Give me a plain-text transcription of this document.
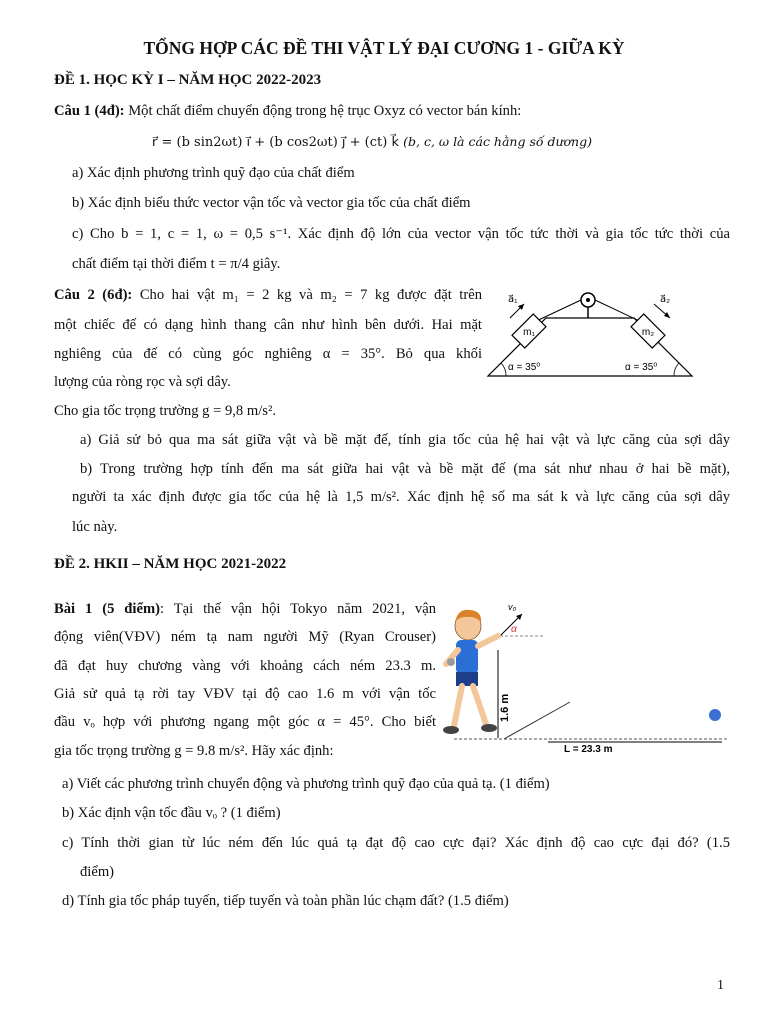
TỔNG HỢP CÁC ĐỀ THI VẬT LÝ ĐẠI CƯƠNG 1 - GIỮA KỲ
ĐỀ 1. HỌC KỲ I – NĂM HỌC 2022-2023
Câu 1 (4đ): Một chất điểm chuyển động trong hệ trục Oxyz có vector bán kính:
r⃗ = (b sin2ωt) i⃗ + (b cos2ωt) j⃗ + (ct) k⃗ (b, c, ω là các hằng số dương)
a) Xác định phương trình quỹ đạo của chất điểm
b) Xác định biểu thức vector vận tốc và vector gia tốc của chất điểm
c) Cho b = 1, c = 1, ω = 0,5 s⁻¹. Xác định độ lớn của vector vận tốc tức thời và gia tốc tức thời của
chất điểm tại thời điểm t = π/4 giây.
Câu 2 (6đ): Cho hai vật m₁ = 2 kg và m₂ = 7 kg được đặt trên
một chiếc đế có dạng hình thang cân như hình bên dưới. Hai mặt
nghiêng của đế có cùng góc nghiêng α = 35°. Bỏ qua khối
lượng của ròng rọc và sợi dây.
Cho gia tốc trọng trường g = 9,8 m/s².
a) Giả sử bỏ qua ma sát giữa vật và bề mặt đế, tính gia tốc của hệ hai vật và lực căng của sợi dây
b) Trong trường hợp tính đến ma sát giữa hai vật và bề mặt đế (ma sát như nhau ở hai bề mặt),
người ta xác định được gia tốc của hệ là 1,5 m/s². Xác định hệ số ma sát k và lực căng của sợi dây
lúc này.
m₁	m₂
a⃗₁	a⃗₂
α = 35⁰	α = 35⁰
ĐỀ 2. HKII – NĂM HỌC 2021-2022
Bài 1 (5 điểm): Tại thế vận hội Tokyo năm 2021, vận
động viên(VĐV) ném tạ nam người Mỹ (Ryan Crouser)
đã đạt huy chương vàng với khoảng cách ném 23.3 m.
Giả sử quả tạ rời tay VĐV tại độ cao 1.6 m với vận tốc
đầu vₒ hợp với phương ngang một góc α = 45°. Cho biết
gia tốc trọng trường g = 9.8 m/s². Hãy xác định:
a) Viết các phương trình chuyển động và phương trình quỹ đạo của quả tạ. (1 điểm)
b) Xác định vận tốc đầu vₒ ? (1 điểm)
c) Tính thời gian từ lúc ném đến lúc quả tạ đạt độ cao cực đại? Xác định độ cao cực đại đó? (1.5
điểm)
d) Tính gia tốc pháp tuyến, tiếp tuyến và toàn phần lúc chạm đất? (1.5 điểm)
L = 23.3 m
1.6 m
v₀
α
1
